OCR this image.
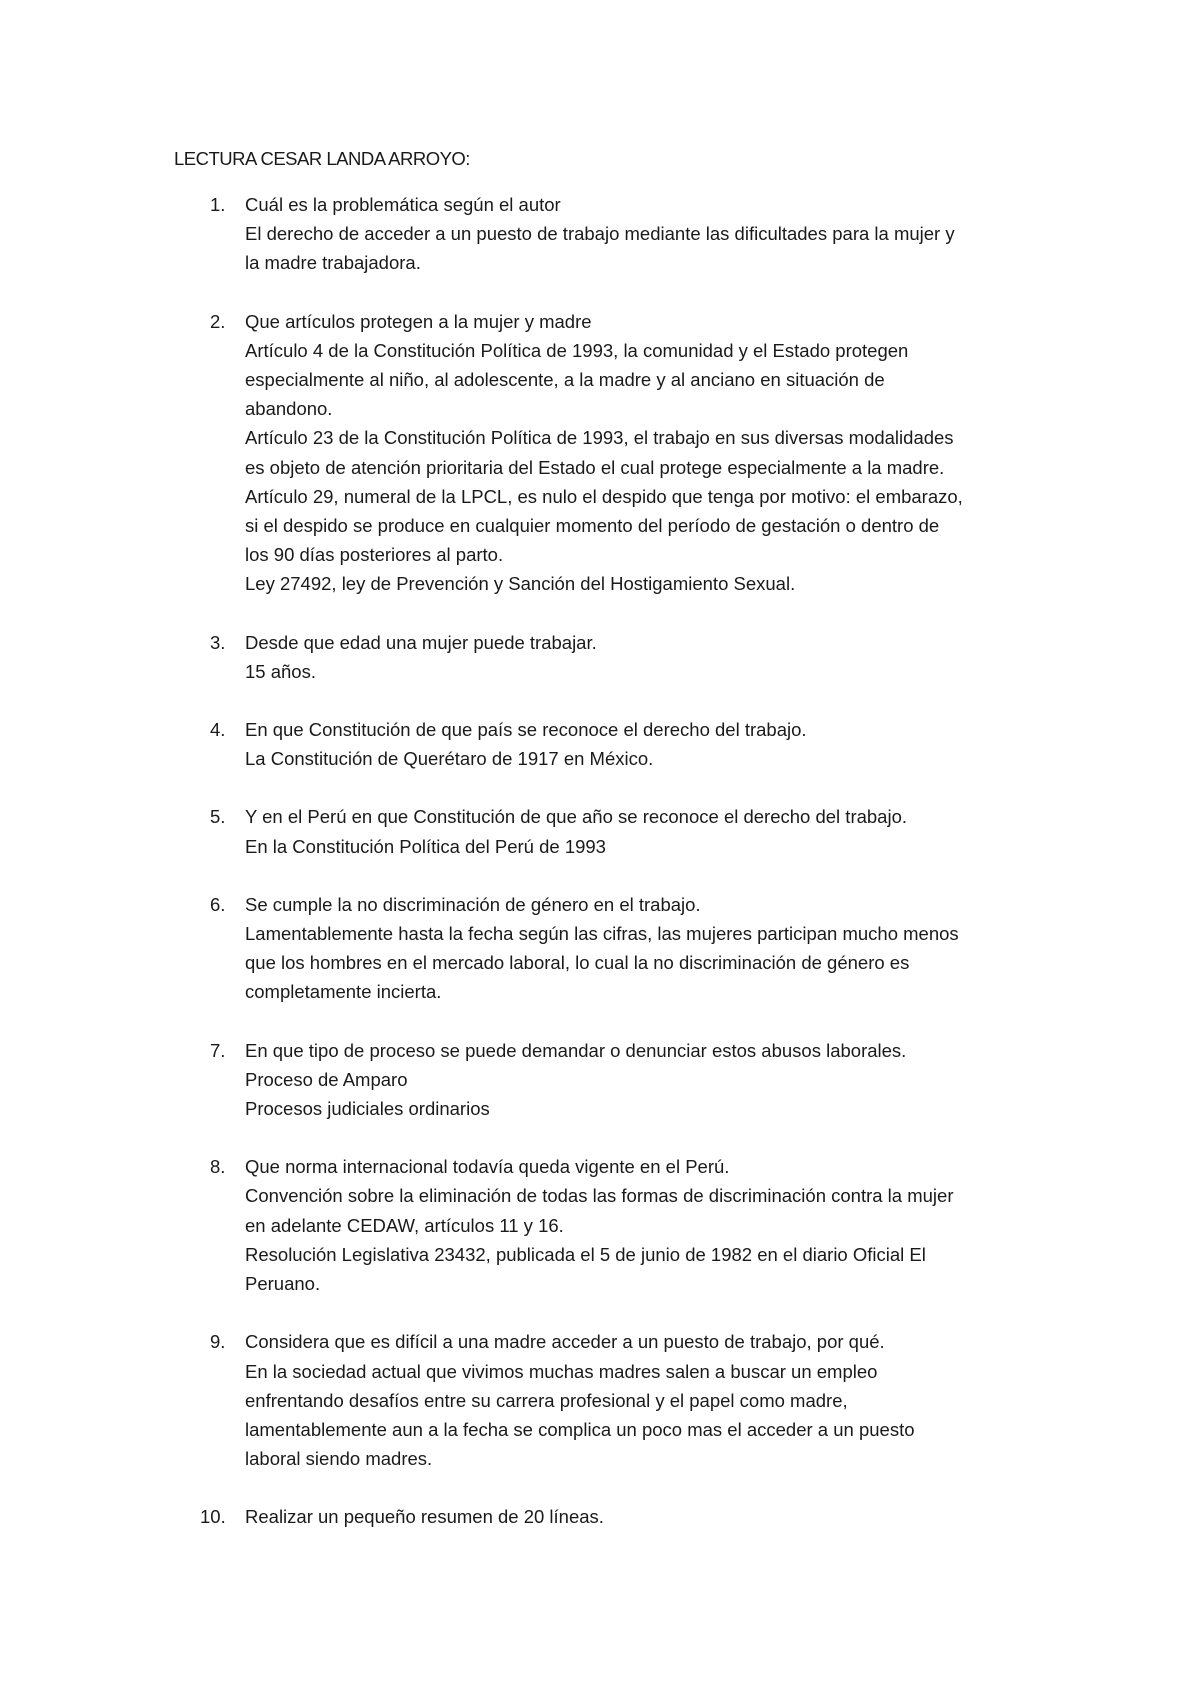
LECTURA CESAR LANDA ARROYO:
1. Cuál es la problemática según el autor
El derecho de acceder a un puesto de trabajo mediante las dificultades para la mujer y
la madre trabajadora.
2. Que artículos protegen a la mujer y madre
Artículo 4 de la Constitución Política de 1993, la comunidad y el Estado protegen
especialmente al niño, al adolescente, a la madre y al anciano en situación de
abandono.
Artículo 23 de la Constitución Política de 1993, el trabajo en sus diversas modalidades
es objeto de atención prioritaria del Estado el cual protege especialmente a la madre.
Artículo 29, numeral de la LPCL, es nulo el despido que tenga por motivo: el embarazo,
si el despido se produce en cualquier momento del período de gestación o dentro de
los 90 días posteriores al parto.
Ley 27492, ley de Prevención y Sanción del Hostigamiento Sexual.
3. Desde que edad una mujer puede trabajar.
15 años.
4. En que Constitución de que país se reconoce el derecho del trabajo.
La Constitución de Querétaro de 1917 en México.
5. Y en el Perú en que Constitución de que año se reconoce el derecho del trabajo.
En la Constitución Política del Perú de 1993
6. Se cumple la no discriminación de género en el trabajo.
Lamentablemente hasta la fecha según las cifras, las mujeres participan mucho menos
que los hombres en el mercado laboral, lo cual la no discriminación de género es
completamente incierta.
7. En que tipo de proceso se puede demandar o denunciar estos abusos laborales.
Proceso de Amparo
Procesos judiciales ordinarios
8. Que norma internacional todavía queda vigente en el Perú.
Convención sobre la eliminación de todas las formas de discriminación contra la mujer
en adelante CEDAW, artículos 11 y 16.
Resolución Legislativa 23432, publicada el 5 de junio de 1982 en el diario Oficial El
Peruano.
9. Considera que es difícil a una madre acceder a un puesto de trabajo, por qué.
En la sociedad actual que vivimos muchas madres salen a buscar un empleo
enfrentando desafíos entre su carrera profesional y el papel como madre,
lamentablemente aun a la fecha se complica un poco mas el acceder a un puesto
laboral siendo madres.
10. Realizar un pequeño resumen de 20 líneas.
